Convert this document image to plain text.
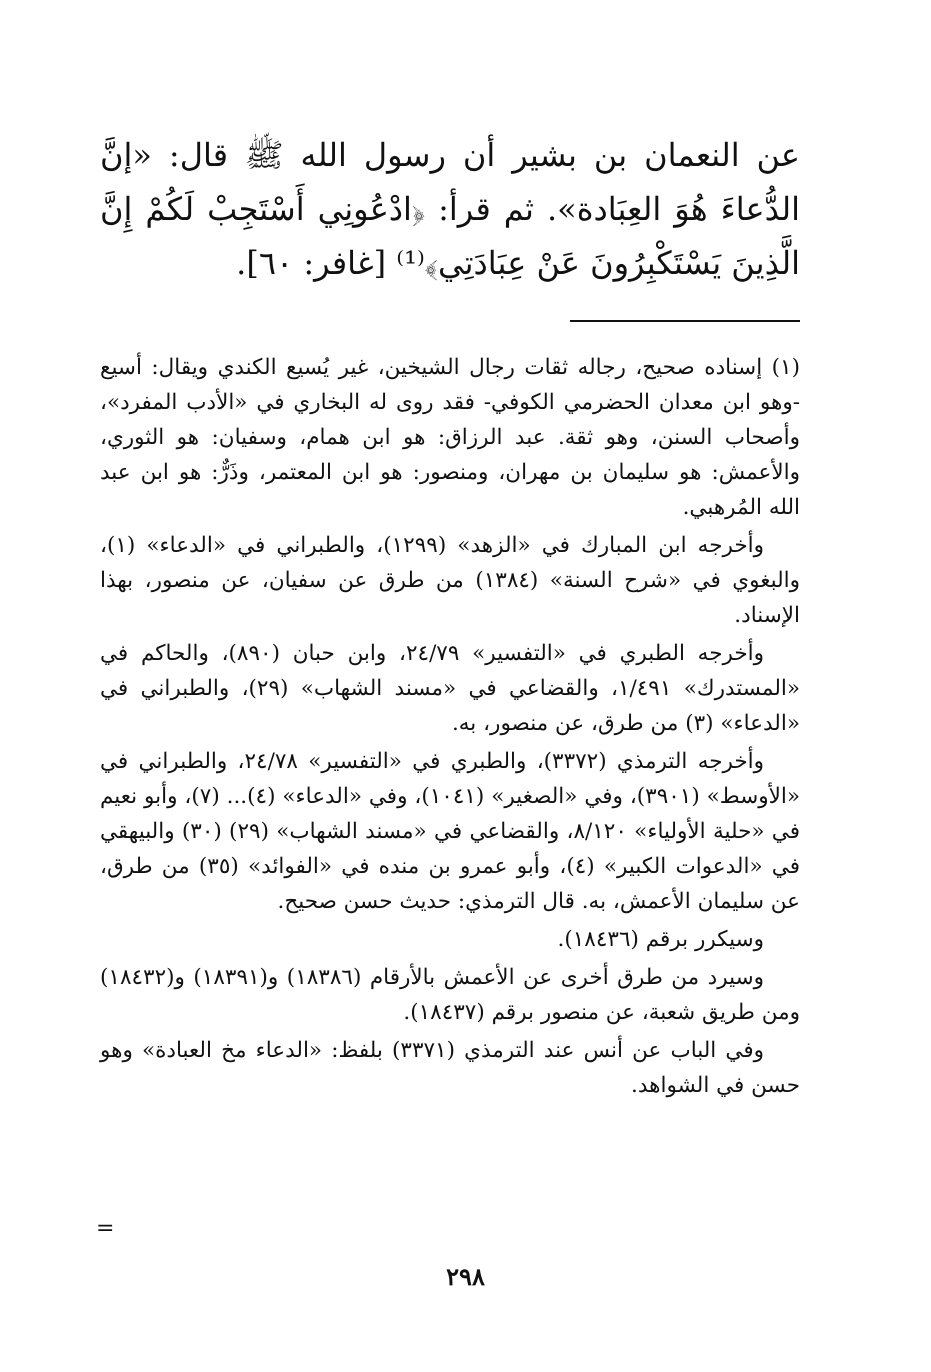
عن النعمان بن بشير أن رسول الله ﷺ قال: «إنَّ الدُّعاءَ هُوَ العِبَادة». ثم قرأ: ﴿ادْعُونِي أَسْتَجِبْ لَكُمْ إِنَّ الَّذِينَ يَسْتَكْبِرُونَ عَنْ عِبَادَتِي﴾⁽¹⁾ [غافر: ٦٠].

(١) إسناده صحيح، رجاله ثقات رجال الشيخين، غير يُسيع الكندي ويقال: أسيع -وهو ابن معدان الحضرمي الكوفي- فقد روى له البخاري في «الأدب المفرد»، وأصحاب السنن، وهو ثقة. عبد الرزاق: هو ابن همام، وسفيان: هو الثوري، والأعمش: هو سليمان بن مهران، ومنصور: هو ابن المعتمر، وذَرٌّ: هو ابن عبد الله المُرهبي.

وأخرجه ابن المبارك في «الزهد» (١٢٩٩)، والطبراني في «الدعاء» (١)، والبغوي في «شرح السنة» (١٣٨٤) من طرق عن سفيان، عن منصور، بهذا الإسناد.

وأخرجه الطبري في «التفسير» ٢٤/٧٩، وابن حبان (٨٩٠)، والحاكم في «المستدرك» ١/٤٩١، والقضاعي في «مسند الشهاب» (٢٩)، والطبراني في «الدعاء» (٣) من طرق، عن منصور، به.

وأخرجه الترمذي (٣٣٧٢)، والطبري في «التفسير» ٢٤/٧٨، والطبراني في «الأوسط» (٣٩٠١)، وفي «الصغير» (١٠٤١)، وفي «الدعاء» (٤)... (٧)، وأبو نعيم في «حلية الأولياء» ٨/١٢٠، والقضاعي في «مسند الشهاب» (٢٩) (٣٠) والبيهقي في «الدعوات الكبير» (٤)، وأبو عمرو بن منده في «الفوائد» (٣٥) من طرق، عن سليمان الأعمش، به. قال الترمذي: حديث حسن صحيح.

وسيكرر برقم (١٨٤٣٦).

وسيرد من طرق أخرى عن الأعمش بالأرقام (١٨٣٨٦) و(١٨٣٩١) و(١٨٤٣٢) ومن طريق شعبة، عن منصور برقم (١٨٤٣٧).

وفي الباب عن أنس عند الترمذي (٣٣٧١) بلفظ: «الدعاء مخ العبادة» وهو حسن في الشواهد.

=
٢٩٨
